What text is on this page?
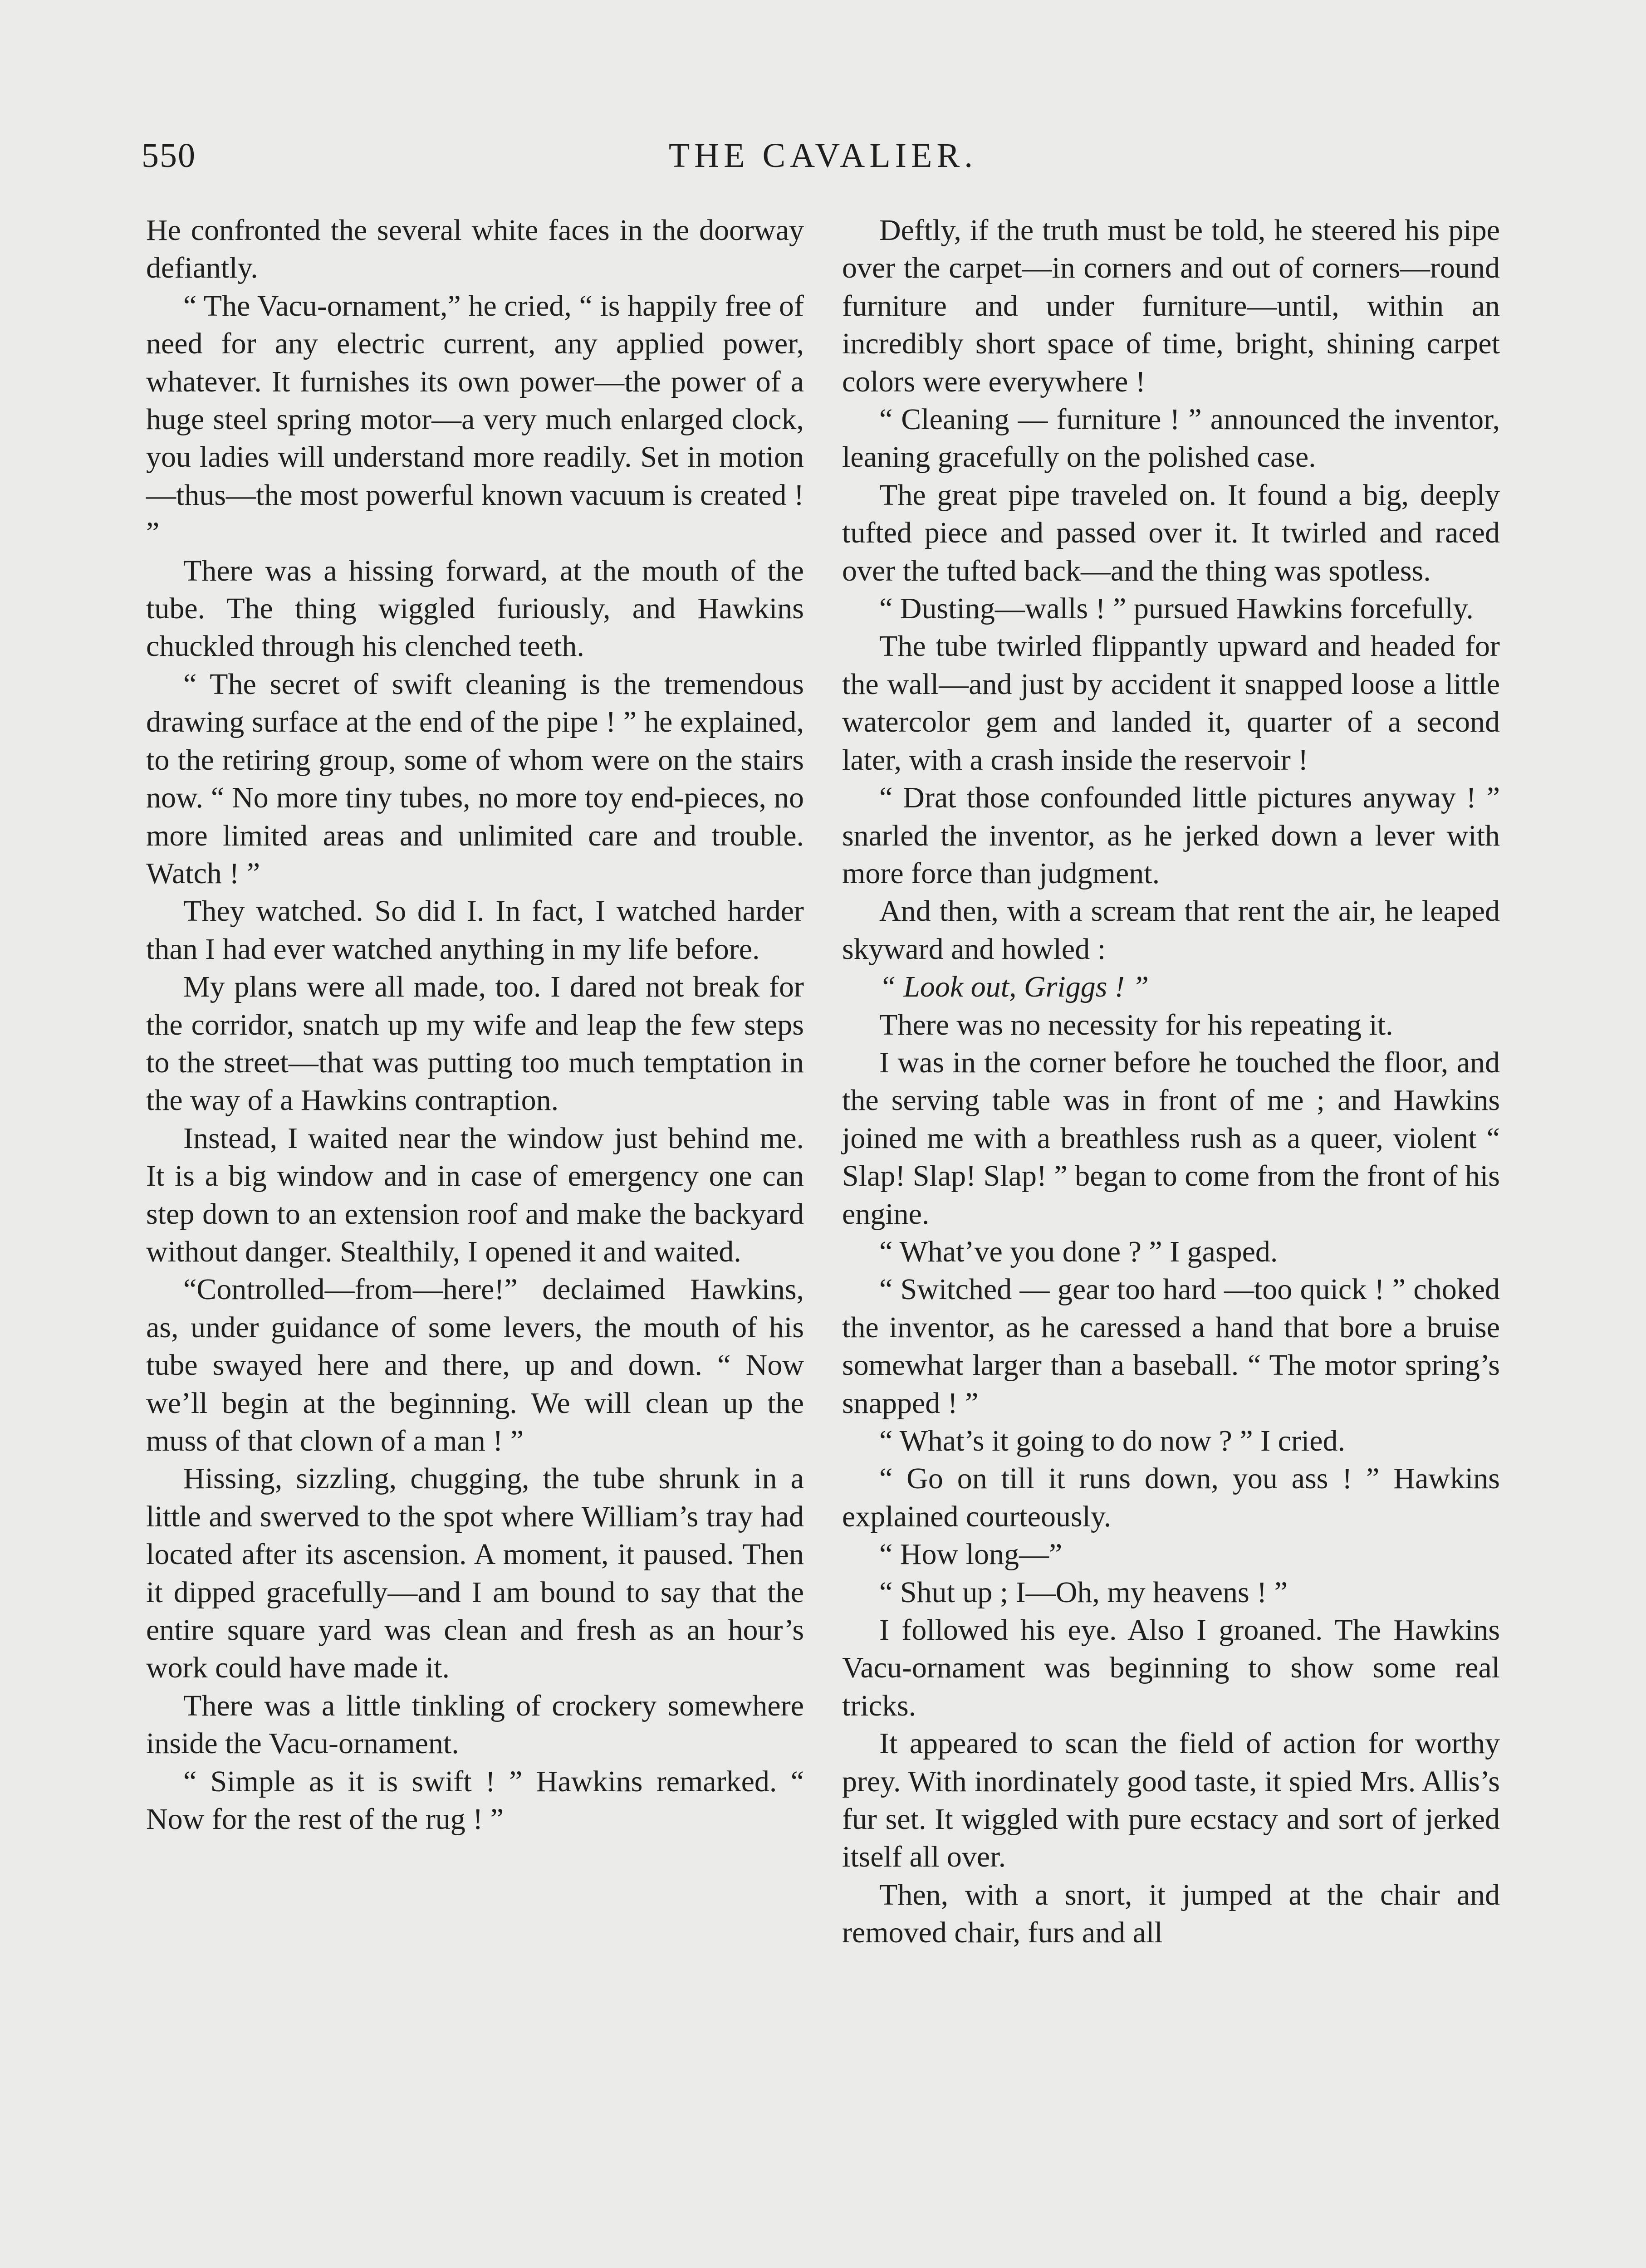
550	THE CAVALIER.

He confronted the several white faces in the doorway defiantly.

“ The Vacu-ornament,” he cried, “ is happily free of need for any electric current, any applied power, whatever. It furnishes its own power—the power of a huge steel spring motor—a very much enlarged clock, you ladies will understand more readily. Set in motion—thus—the most powerful known vacuum is created ! ”

There was a hissing forward, at the mouth of the tube. The thing wiggled furiously, and Hawkins chuckled through his clenched teeth.

“ The secret of swift cleaning is the tremendous drawing surface at the end of the pipe ! ” he explained, to the retiring group, some of whom were on the stairs now. “ No more tiny tubes, no more toy end-pieces, no more limited areas and unlimited care and trouble. Watch ! ”

They watched. So did I. In fact, I watched harder than I had ever watched anything in my life before.

My plans were all made, too. I dared not break for the corridor, snatch up my wife and leap the few steps to the street—that was putting too much temptation in the way of a Hawkins contraption.

Instead, I waited near the window just behind me. It is a big window and in case of emergency one can step down to an extension roof and make the backyard without danger. Stealthily, I opened it and waited.

“Controlled—from—here!” declaimed Hawkins, as, under guidance of some levers, the mouth of his tube swayed here and there, up and down. “ Now we’ll begin at the beginning. We will clean up the muss of that clown of a man ! ”

Hissing, sizzling, chugging, the tube shrunk in a little and swerved to the spot where William’s tray had located after its ascension. A moment, it paused. Then it dipped gracefully—and I am bound to say that the entire square yard was clean and fresh as an hour’s work could have made it.

There was a little tinkling of crockery somewhere inside the Vacu-ornament.

“ Simple as it is swift ! ” Hawkins remarked. “ Now for the rest of the rug ! ”

Deftly, if the truth must be told, he steered his pipe over the carpet—in corners and out of corners—round furniture and under furniture—until, within an incredibly short space of time, bright, shining carpet colors were everywhere !

“ Cleaning — furniture ! ” announced the inventor, leaning gracefully on the polished case.

The great pipe traveled on. It found a big, deeply tufted piece and passed over it. It twirled and raced over the tufted back—and the thing was spotless.

“ Dusting—walls ! ” pursued Hawkins forcefully.

The tube twirled flippantly upward and headed for the wall—and just by accident it snapped loose a little watercolor gem and landed it, quarter of a second later, with a crash inside the reservoir !

“ Drat those confounded little pictures anyway ! ” snarled the inventor, as he jerked down a lever with more force than judgment.

And then, with a scream that rent the air, he leaped skyward and howled :

“ Look out, Griggs ! ”

There was no necessity for his repeating it.

I was in the corner before he touched the floor, and the serving table was in front of me ; and Hawkins joined me with a breathless rush as a queer, violent “ Slap! Slap! Slap! ” began to come from the front of his engine.

“ What’ve you done ? ” I gasped.

“ Switched — gear too hard —too quick ! ” choked the inventor, as he caressed a hand that bore a bruise somewhat larger than a baseball. “ The motor spring’s snapped ! ”

“ What’s it going to do now ? ” I cried.

“ Go on till it runs down, you ass ! ” Hawkins explained courteously.

“ How long—”

“ Shut up ; I—Oh, my heavens ! ”

I followed his eye. Also I groaned. The Hawkins Vacu-ornament was beginning to show some real tricks.

It appeared to scan the field of action for worthy prey. With inordinately good taste, it spied Mrs. Allis’s fur set. It wiggled with pure ecstacy and sort of jerked itself all over.

Then, with a snort, it jumped at the chair and removed chair, furs and all
